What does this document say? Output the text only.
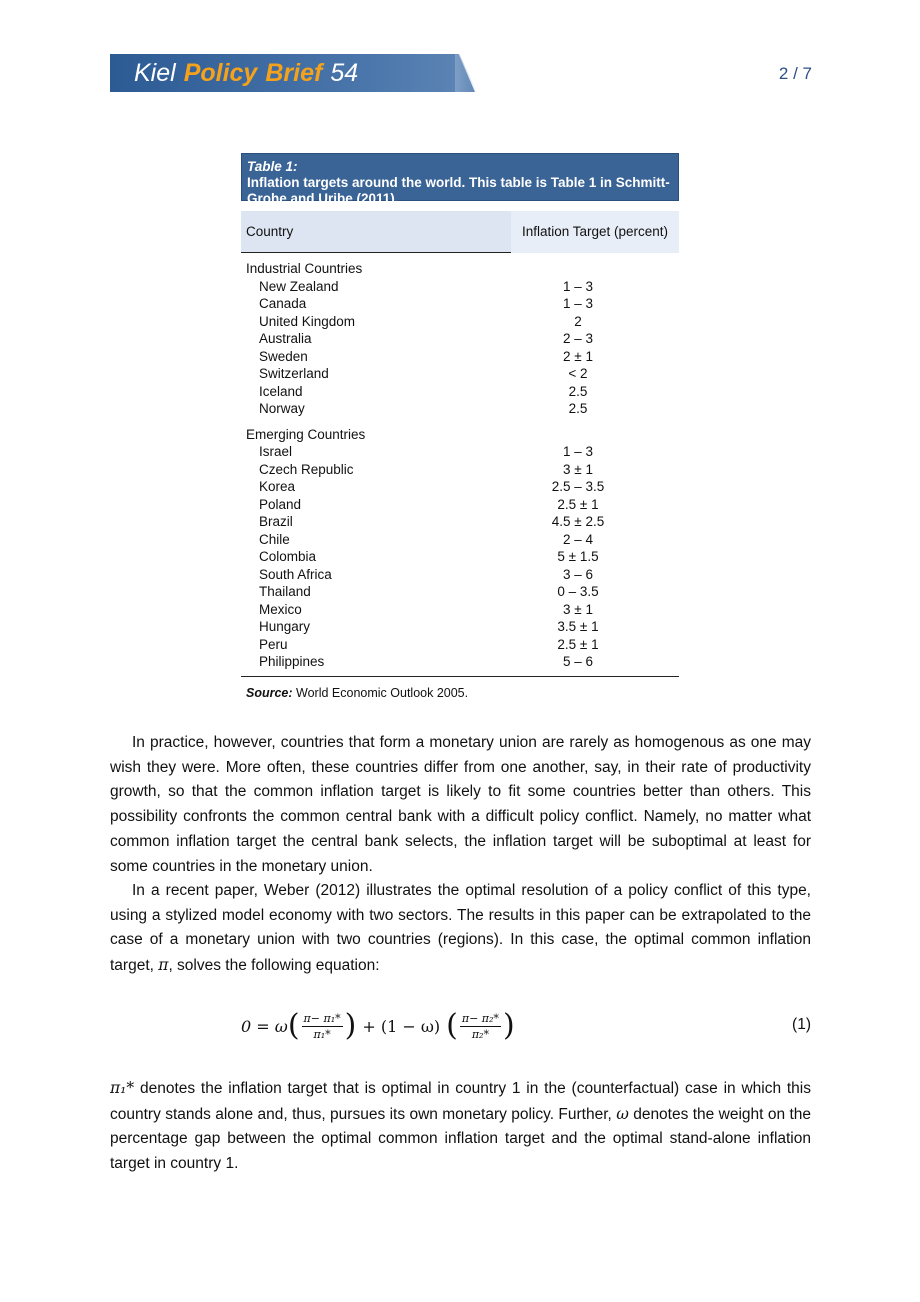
Kiel Policy Brief 54	2 / 7
Table 1:
Inflation targets around the world. This table is Table 1 in Schmitt-Grohe and Uribe (2011).
Country	Inflation Target (percent)
Industrial Countries
New Zealand	1 – 3
Canada	1 – 3
United Kingdom	2
Australia	2 – 3
Sweden	2 ± 1
Switzerland	< 2
Iceland	2.5
Norway	2.5
Emerging Countries
Israel	1 – 3
Czech Republic	3 ± 1
Korea	2.5 – 3.5
Poland	2.5 ± 1
Brazil	4.5 ± 2.5
Chile	2 – 4
Colombia	5 ± 1.5
South Africa	3 – 6
Thailand	0 – 3.5
Mexico	3 ± 1
Hungary	3.5 ± 1
Peru	2.5 ± 1
Philippines	5 – 6
Source: World Economic Outlook 2005.

In practice, however, countries that form a monetary union are rarely as homogenous as one may wish they were. More often, these countries differ from one another, say, in their rate of productivity growth, so that the common inflation target is likely to fit some countries better than others. This possibility confronts the common central bank with a difficult policy conflict. Namely, no matter what common inflation target the central bank selects, the inflation target will be suboptimal at least for some countries in the monetary union.

In a recent paper, Weber (2012) illustrates the optimal resolution of a policy conflict of this type, using a stylized model economy with two sectors. The results in this paper can be extrapolated to the case of a monetary union with two countries (regions). In this case, the optimal common inflation target, π, solves the following equation:

0 = ω ( $\frac{\text{π− π₁*}}{\text{π₁*}}$ ) + (1 − ω) ( $\frac{\text{π− π₂*}}{\text{π₂*}}$ )	(1)

π₁* denotes the inflation target that is optimal in country 1 in the (counterfactual) case in which this country stands alone and, thus, pursues its own monetary policy. Further, ω denotes the weight on the percentage gap between the optimal common inflation target and the optimal stand-alone inflation target in country 1.
